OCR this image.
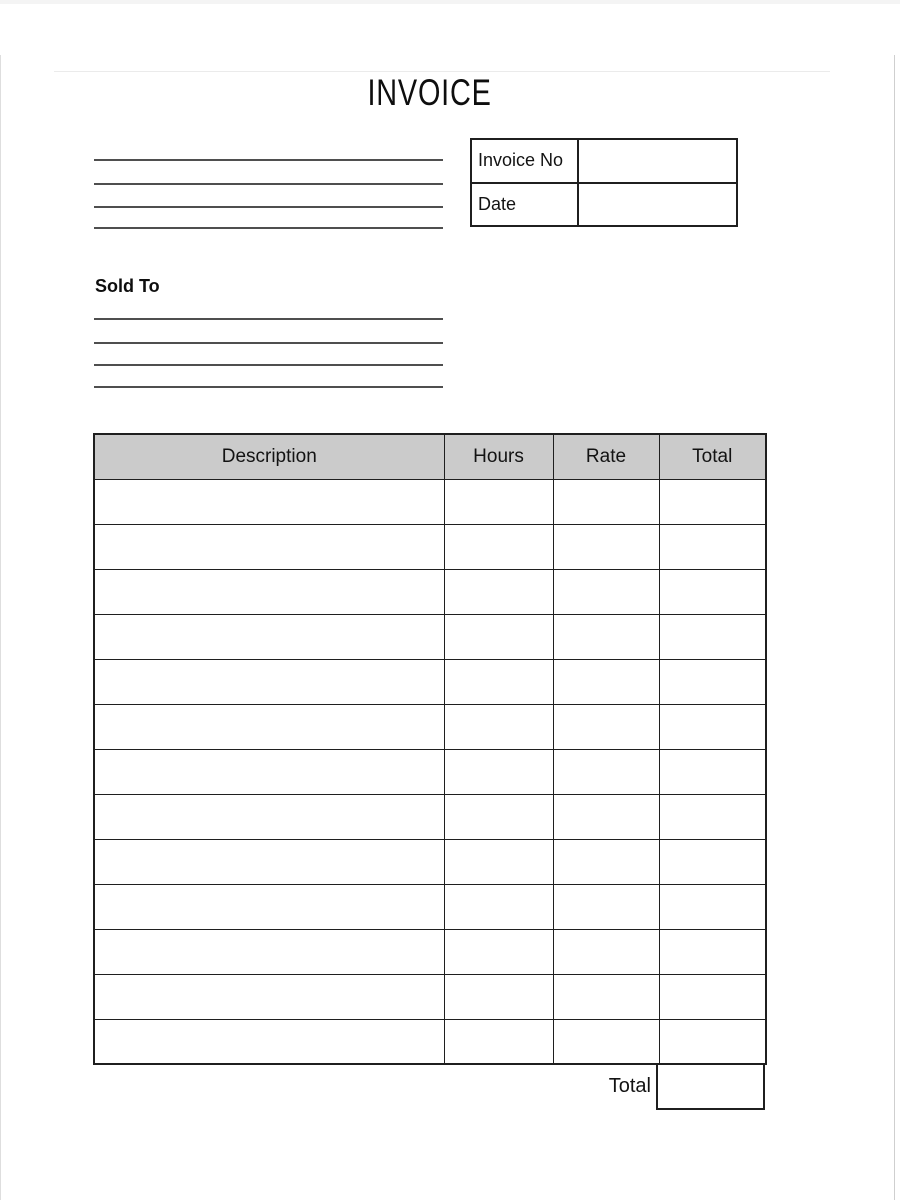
INVOICE
Invoice No
Date
Sold To
Description	Hours	Rate	Total

Total
